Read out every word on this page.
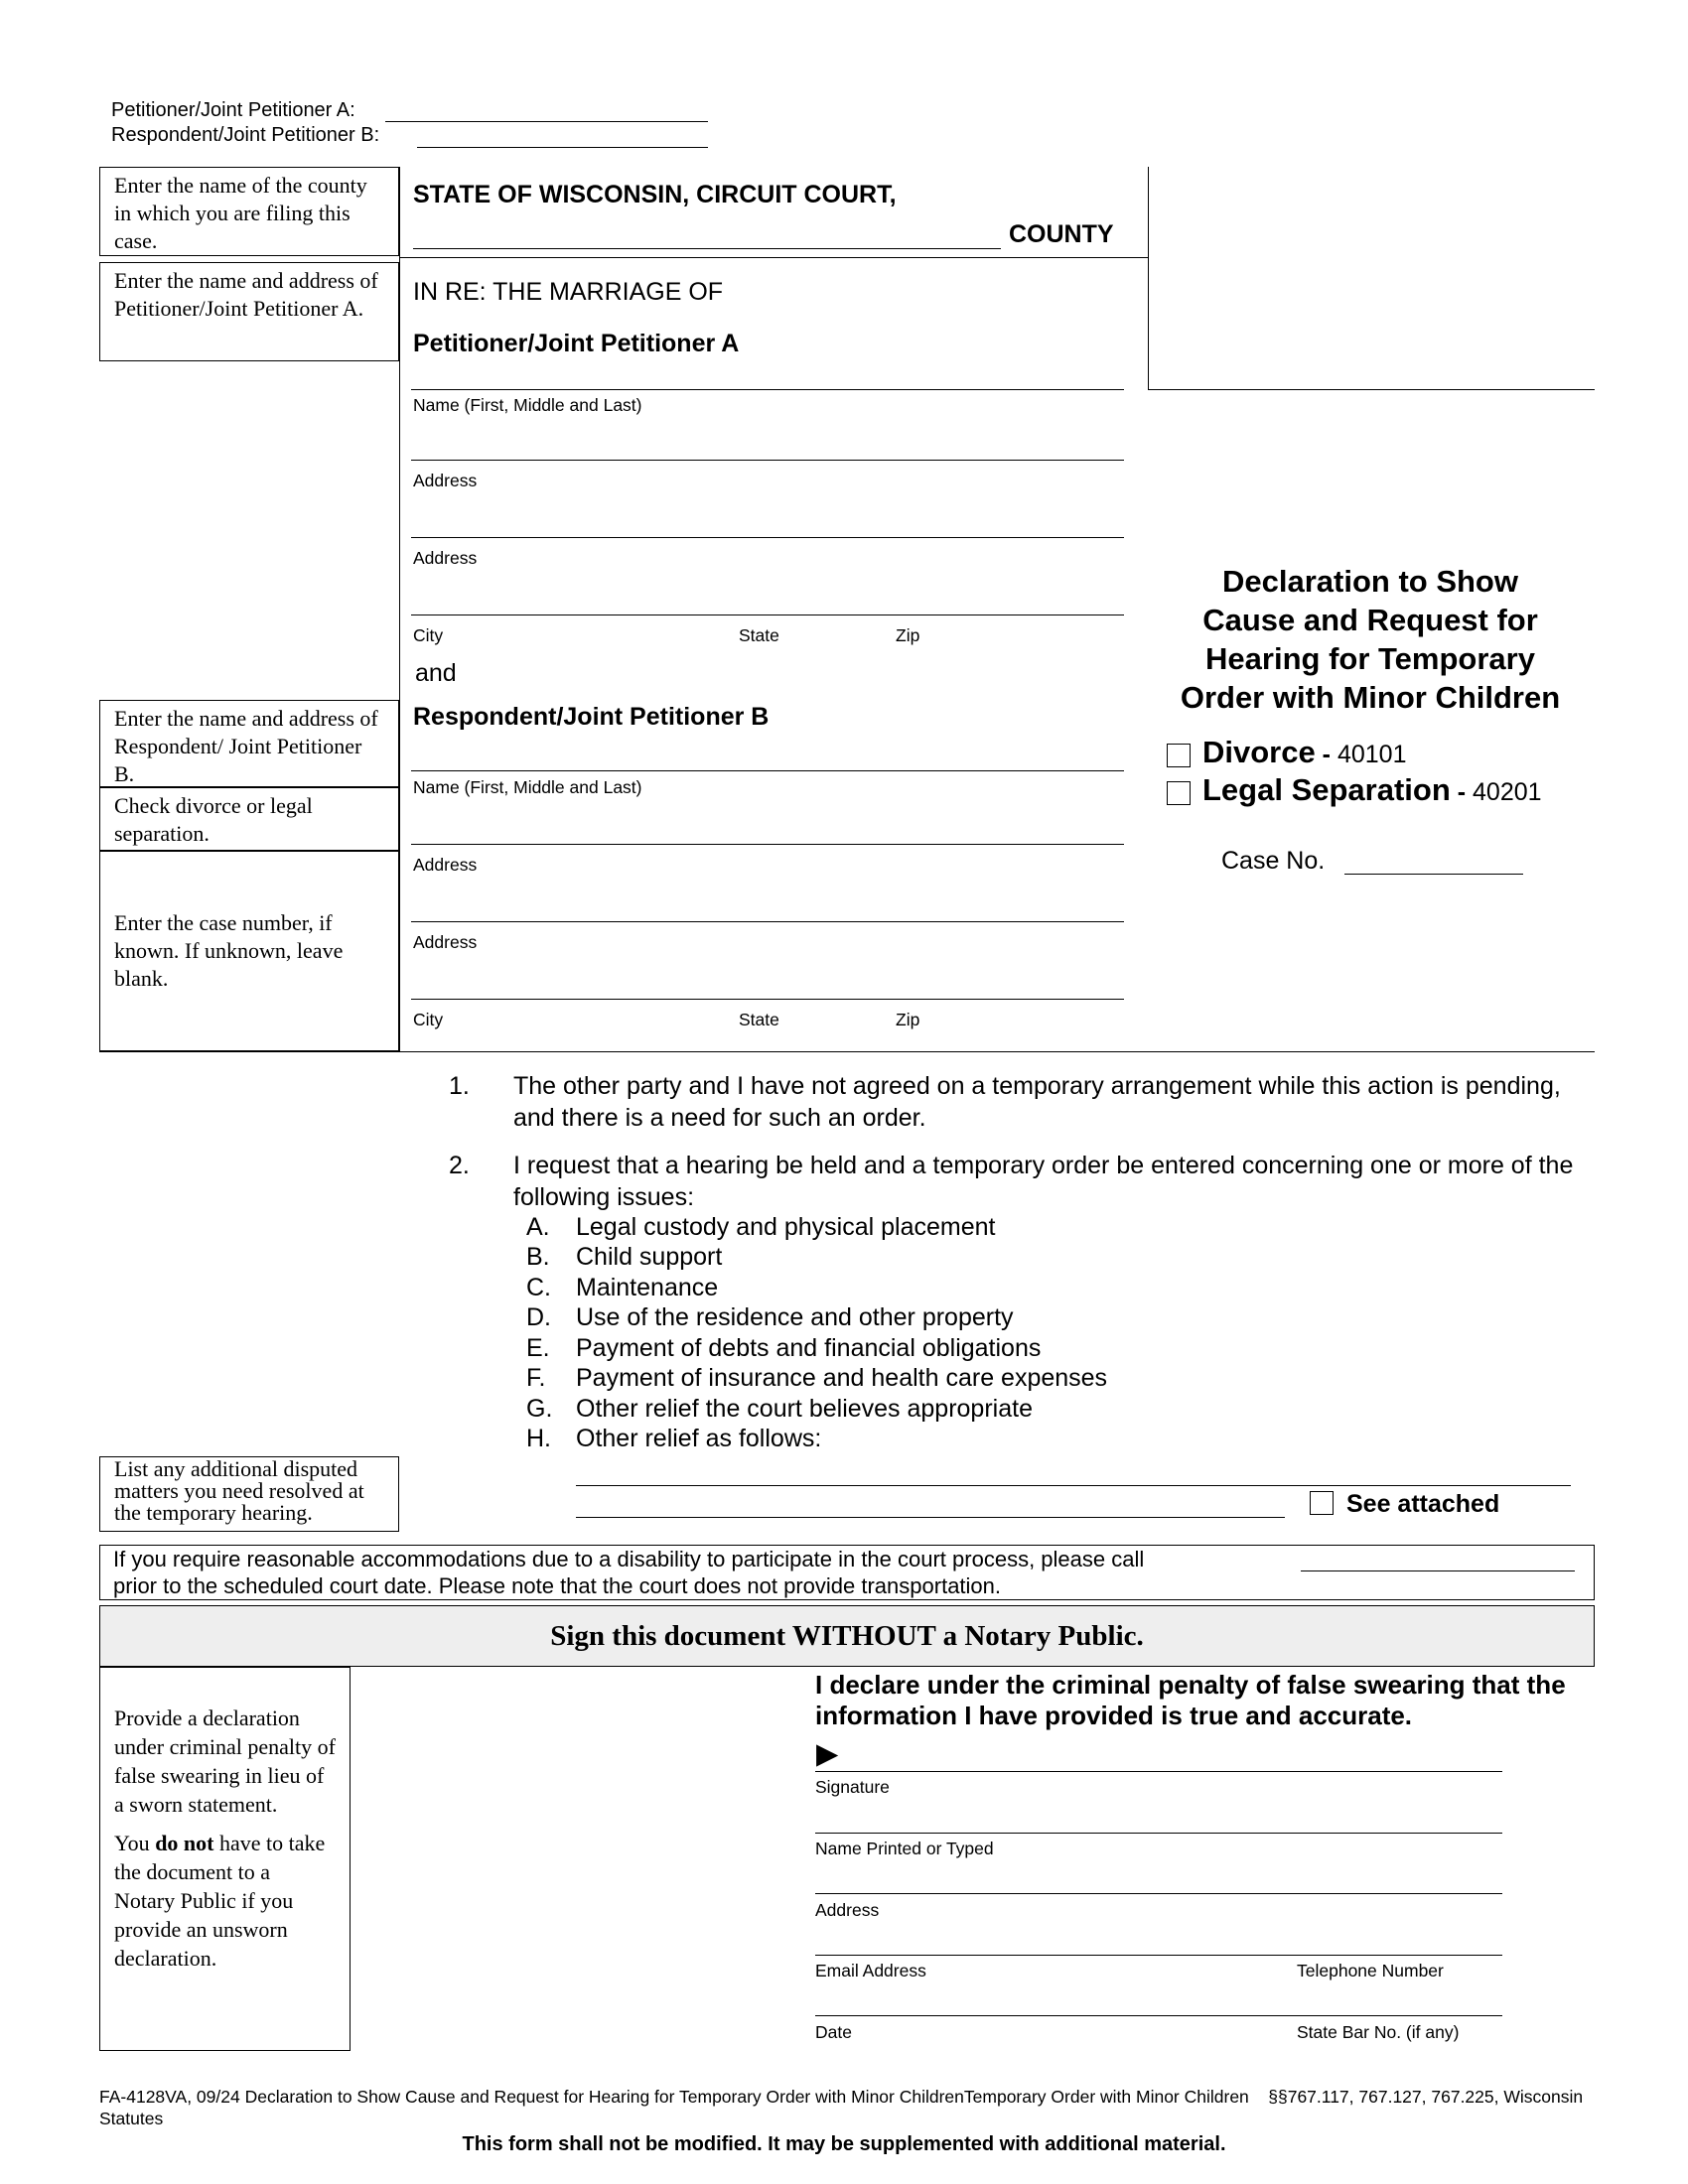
Petitioner/Joint Petitioner A:
Respondent/Joint Petitioner B:
Enter the name of the county in which you are filing this case.
Enter the name and address of Petitioner/Joint Petitioner A.
Enter the name and address of Respondent/ Joint Petitioner B.
Check divorce or legal separation.
Enter the case number, if known. If unknown, leave blank.
STATE OF WISCONSIN, CIRCUIT COURT,
COUNTY
IN RE: THE MARRIAGE OF
Petitioner/Joint Petitioner A
Name (First, Middle and Last)
Address
Address
City	State	Zip
and
Respondent/Joint Petitioner B
Name (First, Middle and Last)
Address
Address
City	State	Zip
Declaration to Show
Cause and Request for
Hearing for Temporary
Order with Minor Children
Divorce - 40101
Legal Separation - 40201
Case No.
1. The other party and I have not agreed on a temporary arrangement while this action is pending, and there is a need for such an order.
2. I request that a hearing be held and a temporary order be entered concerning one or more of the following issues:
A. Legal custody and physical placement
B. Child support
C. Maintenance
D. Use of the residence and other property
E. Payment of debts and financial obligations
F. Payment of insurance and health care expenses
G. Other relief the court believes appropriate
H. Other relief as follows:
See attached
List any additional disputed matters you need resolved at the temporary hearing.
If you require reasonable accommodations due to a disability to participate in the court process, please call
prior to the scheduled court date. Please note that the court does not provide transportation.
Sign this document WITHOUT a Notary Public.
Provide a declaration under criminal penalty of false swearing in lieu of a sworn statement.
You do not have to take the document to a Notary Public if you provide an unsworn declaration.
I declare under the criminal penalty of false swearing that the information I have provided is true and accurate.
▶
Signature
Name Printed or Typed
Address
Email Address	Telephone Number
Date	State Bar No. (if any)
FA-4128VA, 09/24 Declaration to Show Cause and Request for Hearing for Temporary Order with Minor ChildrenTemporary Order with Minor Children    §§767.117, 767.127, 767.225, Wisconsin Statutes
This form shall not be modified. It may be supplemented with additional material.
